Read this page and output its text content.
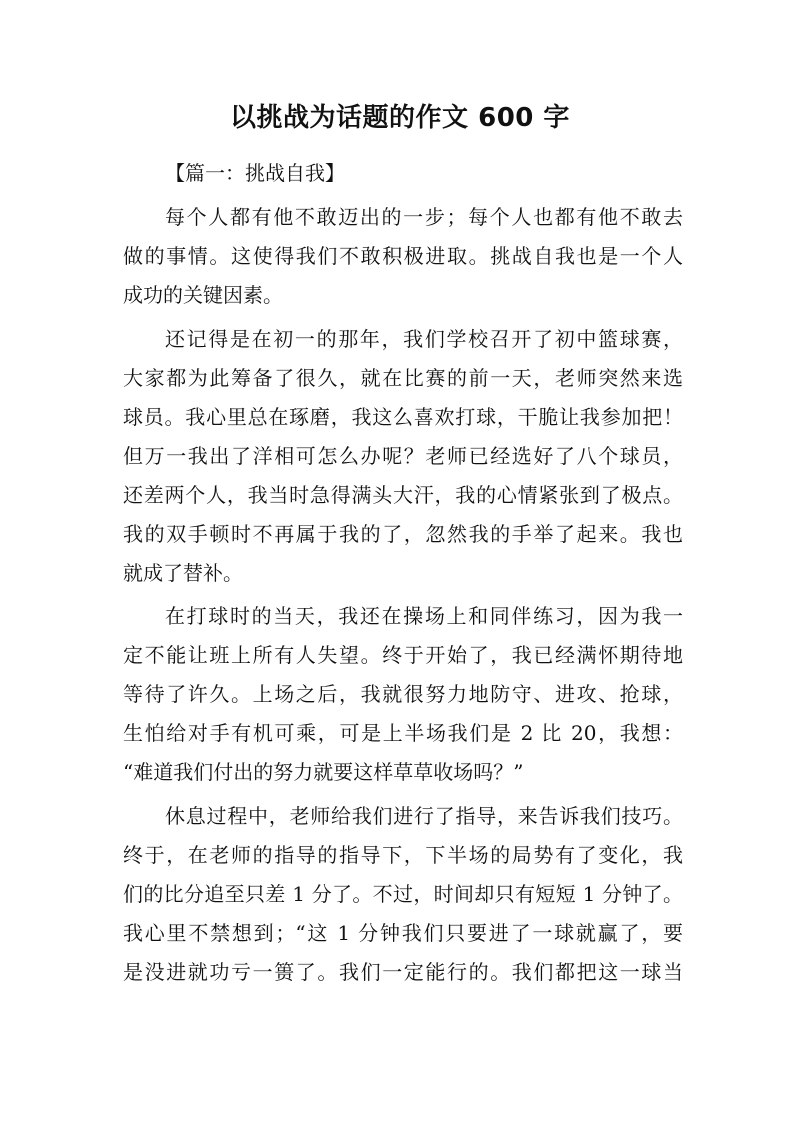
以挑战为话题的作文 600 字
【篇一：挑战自我】

每个人都有他不敢迈出的一步；每个人也都有他不敢去
做的事情。这使得我们不敢积极进取。挑战自我也是一个人
成功的关键因素。

还记得是在初一的那年，我们学校召开了初中篮球赛，
大家都为此筹备了很久，就在比赛的前一天，老师突然来选
球员。我心里总在琢磨，我这么喜欢打球，干脆让我参加把！
但万一我出了洋相可怎么办呢？老师已经选好了八个球员，
还差两个人，我当时急得满头大汗，我的心情紧张到了极点。
我的双手顿时不再属于我的了，忽然我的手举了起来。我也
就成了替补。

在打球时的当天，我还在操场上和同伴练习，因为我一
定不能让班上所有人失望。终于开始了，我已经满怀期待地
等待了许久。上场之后，我就很努力地防守、进攻、抢球，
生怕给对手有机可乘，可是上半场我们是 2 比 20，我想：
“难道我们付出的努力就要这样草草收场吗？”

休息过程中，老师给我们进行了指导，来告诉我们技巧。
终于，在老师的指导的指导下，下半场的局势有了变化，我
们的比分追至只差 1 分了。不过，时间却只有短短 1 分钟了。
我心里不禁想到；“这 1 分钟我们只要进了一球就赢了，要
是没进就功亏一篑了。我们一定能行的。我们都把这一球当
